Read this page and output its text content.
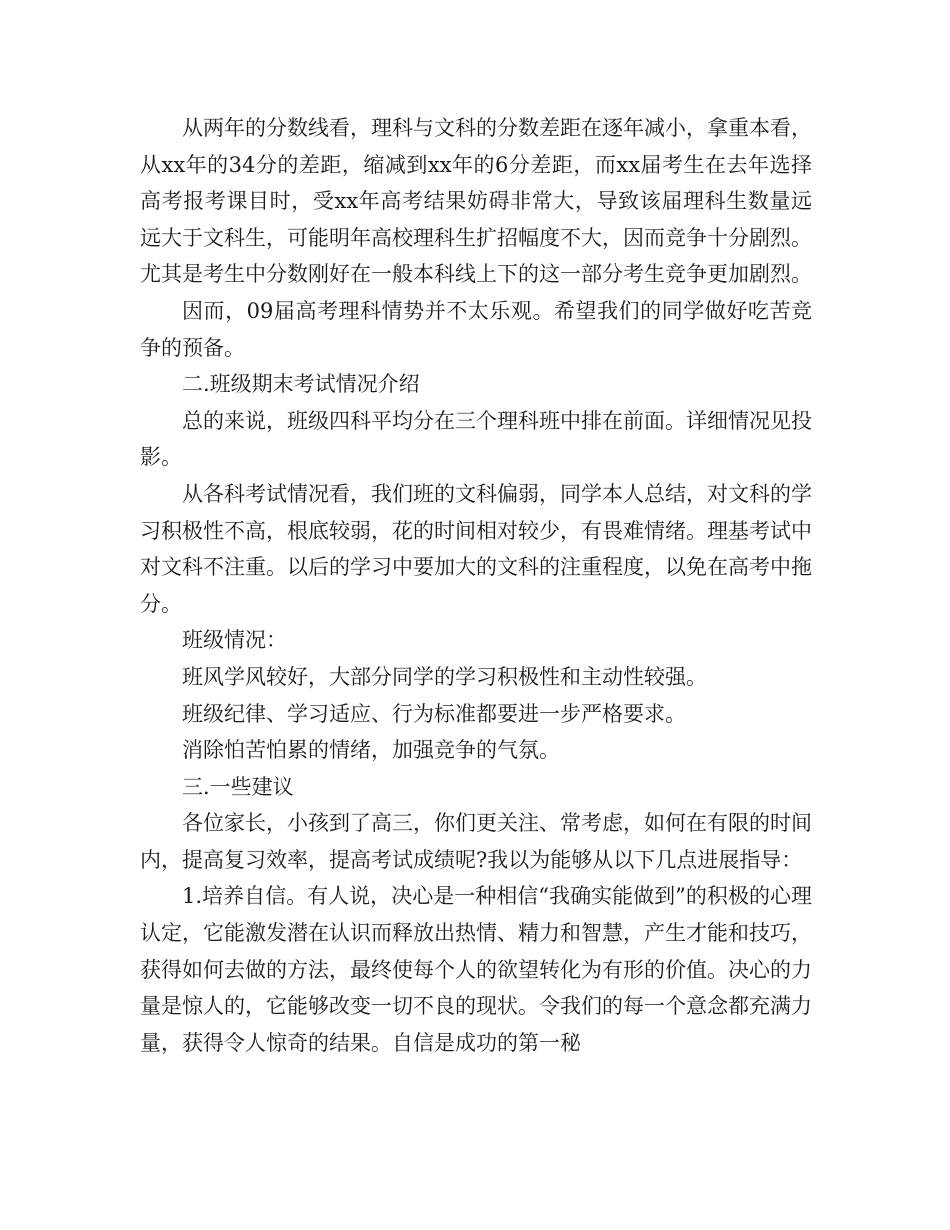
从两年的分数线看，理科与文科的分数差距在逐年减小，拿重本看，从xx年的34分的差距，缩减到xx年的6分差距，而xx届考生在去年选择高考报考课目时，受xx年高考结果妨碍非常大，导致该届理科生数量远远大于文科生，可能明年高校理科生扩招幅度不大，因而竞争十分剧烈。尤其是考生中分数刚好在一般本科线上下的这一部分考生竞争更加剧烈。

因而，09届高考理科情势并不太乐观。希望我们的同学做好吃苦竞争的预备。

二.班级期末考试情况介绍

总的来说，班级四科平均分在三个理科班中排在前面。详细情况见投影。

从各科考试情况看，我们班的文科偏弱，同学本人总结，对文科的学习积极性不高，根底较弱，花的时间相对较少，有畏难情绪。理基考试中对文科不注重。以后的学习中要加大的文科的注重程度，以免在高考中拖分。

班级情况：

班风学风较好，大部分同学的学习积极性和主动性较强。

班级纪律、学习适应、行为标准都要进一步严格要求。

消除怕苦怕累的情绪，加强竞争的气氛。

三.一些建议

各位家长，小孩到了高三，你们更关注、常考虑，如何在有限的时间内，提高复习效率，提高考试成绩呢?我以为能够从以下几点进展指导：

1.培养自信。有人说，决心是一种相信“我确实能做到”的积极的心理认定，它能激发潜在认识而释放出热情、精力和智慧，产生才能和技巧，获得如何去做的方法，最终使每个人的欲望转化为有形的价值。决心的力量是惊人的，它能够改变一切不良的现状。令我们的每一个意念都充满力量，获得令人惊奇的结果。自信是成功的第一秘
